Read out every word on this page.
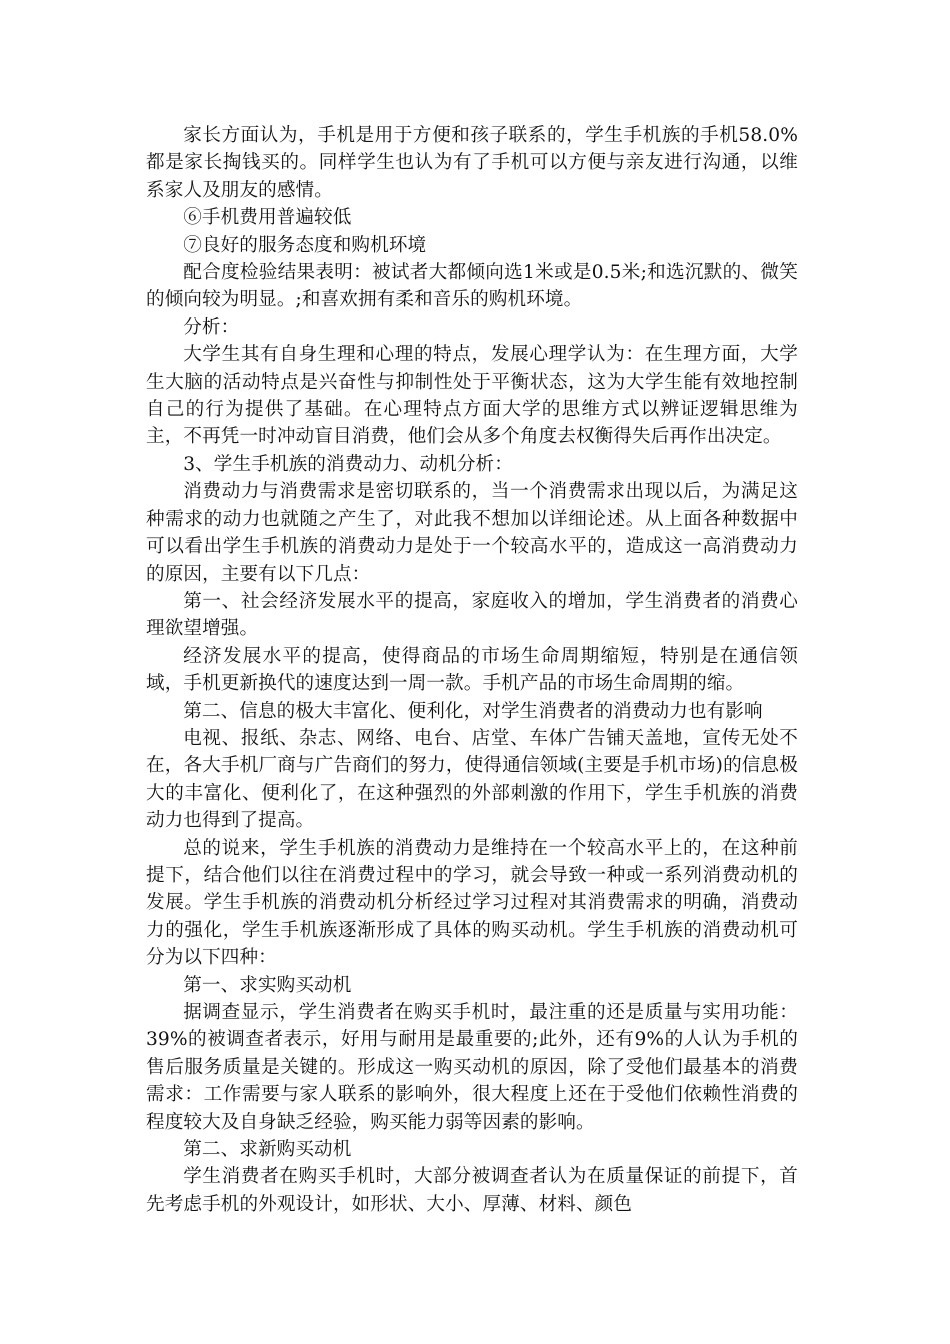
家长方面认为，手机是用于方便和孩子联系的，学生手机族的手机58.0%都是家长掏钱买的。同样学生也认为有了手机可以方便与亲友进行沟通，以维系家人及朋友的感情。

⑥手机费用普遍较低

⑦良好的服务态度和购机环境

配合度检验结果表明：被试者大都倾向选1米或是0.5米;和选沉默的、微笑的倾向较为明显。;和喜欢拥有柔和音乐的购机环境。

分析：

大学生其有自身生理和心理的特点，发展心理学认为：在生理方面，大学生大脑的活动特点是兴奋性与抑制性处于平衡状态，这为大学生能有效地控制自己的行为提供了基础。在心理特点方面大学的思维方式以辨证逻辑思维为主，不再凭一时冲动盲目消费，他们会从多个角度去权衡得失后再作出决定。

3、学生手机族的消费动力、动机分析：

消费动力与消费需求是密切联系的，当一个消费需求出现以后，为满足这种需求的动力也就随之产生了，对此我不想加以详细论述。从上面各种数据中可以看出学生手机族的消费动力是处于一个较高水平的，造成这一高消费动力的原因，主要有以下几点：

第一、社会经济发展水平的提高，家庭收入的增加，学生消费者的消费心理欲望增强。

经济发展水平的提高，使得商品的市场生命周期缩短，特别是在通信领域，手机更新换代的速度达到一周一款。手机产品的市场生命周期的缩。

第二、信息的极大丰富化、便利化，对学生消费者的消费动力也有影响

电视、报纸、杂志、网络、电台、店堂、车体广告铺天盖地，宣传无处不在，各大手机厂商与广告商们的努力，使得通信领域(主要是手机市场)的信息极大的丰富化、便利化了，在这种强烈的外部刺激的作用下，学生手机族的消费动力也得到了提高。

总的说来，学生手机族的消费动力是维持在一个较高水平上的，在这种前提下，结合他们以往在消费过程中的学习，就会导致一种或一系列消费动机的发展。学生手机族的消费动机分析经过学习过程对其消费需求的明确，消费动力的强化，学生手机族逐渐形成了具体的购买动机。学生手机族的消费动机可分为以下四种：

第一、求实购买动机

据调查显示，学生消费者在购买手机时，最注重的还是质量与实用功能：39%的被调查者表示，好用与耐用是最重要的;此外，还有9%的人认为手机的售后服务质量是关键的。形成这一购买动机的原因，除了受他们最基本的消费需求：工作需要与家人联系的影响外，很大程度上还在于受他们依赖性消费的程度较大及自身缺乏经验，购买能力弱等因素的影响。

第二、求新购买动机

学生消费者在购买手机时，大部分被调查者认为在质量保证的前提下，首先考虑手机的外观设计，如形状、大小、厚薄、材料、颜色
